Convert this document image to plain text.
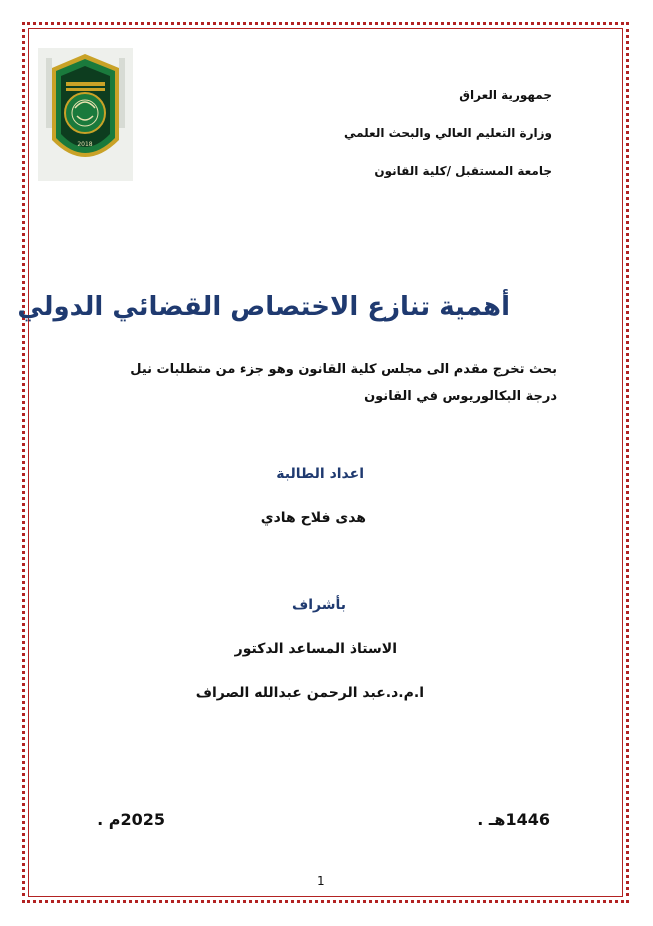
2018
جمهورية العراق
وزارة التعليم العالي والبحث العلمي
جامعة المستقبل /كلية القانون
أهمية تنازع الاختصاص القضائي الدولي
بحث تخرج مقدم الى مجلس كلية القانون وهو جزء من متطلبات نيل درجة البكالوريوس في القانون
اعداد الطالبة
هدى فلاح هادي
بأشراف
الاستاذ المساعد الدكتور
ا.م.د.عبد الرحمن عبدالله الصراف
1446هـ .
2025م .
1
